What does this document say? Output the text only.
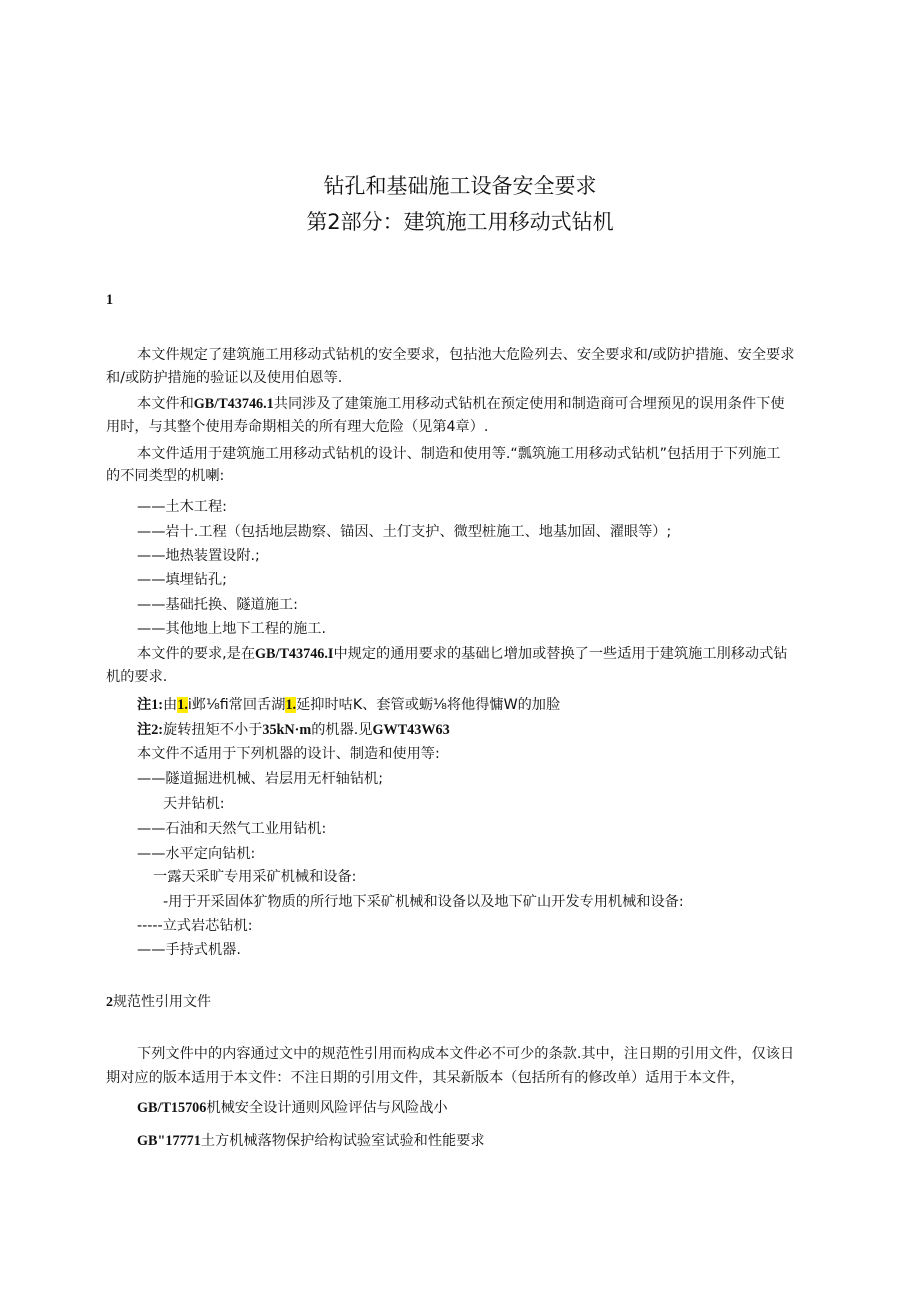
钻孔和基础施工设备安全要求
第2部分：建筑施工用移动式钻机
1
本文件规定了建筑施工用移动式钻机的安全要求，包拈池大危险列去、安全要求和/或防护措施、安全要求
和/或防护措施的验证以及使用伯恩等.
本文件和GB/T43746.1共同涉及了建策施工用移动式钻机在预定使用和制造商可合埋预见的误用条件下使
用时，与其整个使用寿命期相关的所有理大危险（见第4章）.
本文件适用于建筑施工用移动式钻机的设计、制造和使用等.“瓢筑施工用移动式钻机”包括用于下列施工
的不同类型的机喇:
——土木工程:
——岩十.工程（包括地层勘察、锚因、土仃支护、微型桩施工、地基加固、濯眼等）;
——地热装置设附.;
——填埋钻孔;
——基础托换、隧道施工:
——其他地上地下工程的施工.
本文件的要求,是在GB/T43746.I中规定的通用要求的基础匕增加或替换了一些适用于建筑施工刖移动式钻
机的要求.
注1:由1.i邺⅛fi常回舌湖1.延抑时咕K、套管或蛎⅛将他得慵W的加脸
注2:旋转扭矩不小于35kN·m的机器.见GWT43W63
本文件不适用于下列机器的设计、制造和使用等:
——隧道掘进机械、岩层用无杆轴钻机;
天井钻机:
——石油和天然气工业用钻机:
——水平定向钻机:
一露天采旷专用采矿机械和设备:
-用于开采固体犷物质的所行地下采矿机械和设备以及地下矿山开发专用机械和设备:
-----立式岩芯钻机:
——手持式机器.
2规范性引用文件
下列文件中的内容通过文中的规范性引用而构成本文件必不可少的条款.其中，注日期的引用文件，仅该日
期对应的版本适用于本文件：不注日期的引用文件，其呆新版本（包括所有的修改单）适用于本文件，
GB/T15706机械安全设计通则风险评估与风险战小
GB"17771土方机械落物保护给构试验室试验和性能要求
